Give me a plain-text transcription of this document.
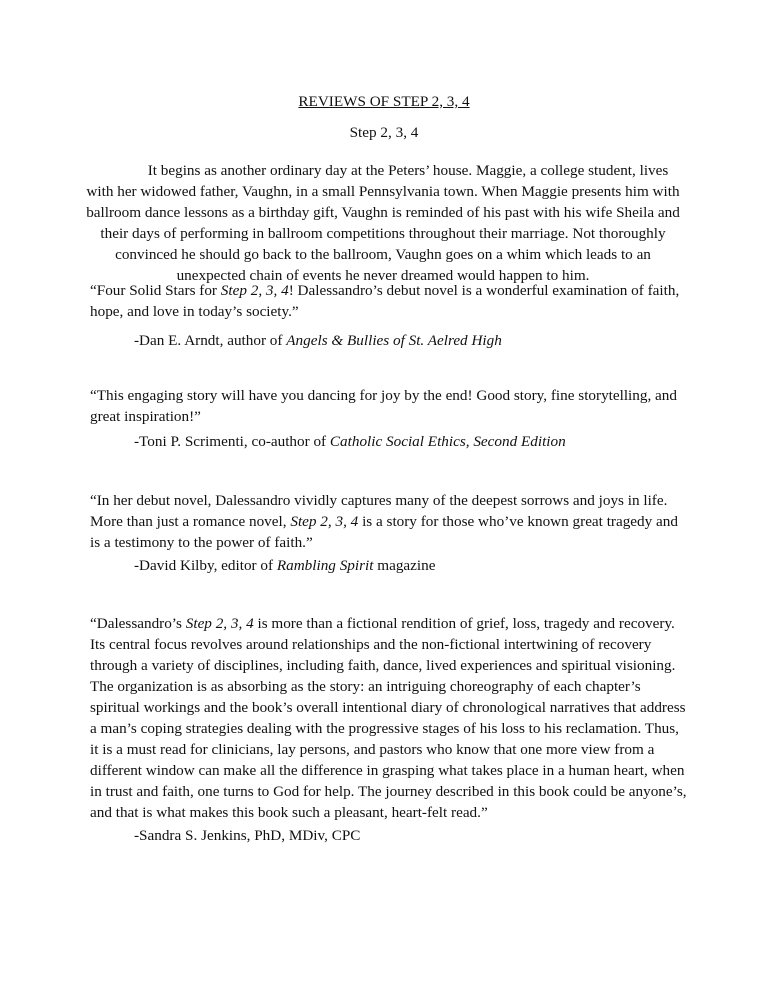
REVIEWS OF STEP 2, 3, 4
Step 2, 3, 4

It begins as another ordinary day at the Peters’ house. Maggie, a college student, lives with her widowed father, Vaughn, in a small Pennsylvania town. When Maggie presents him with ballroom dance lessons as a birthday gift, Vaughn is reminded of his past with his wife Sheila and their days of performing in ballroom competitions throughout their marriage. Not thoroughly convinced he should go back to the ballroom, Vaughn goes on a whim which leads to an unexpected chain of events he never dreamed would happen to him.

“Four Solid Stars for Step 2, 3, 4! Dalessandro’s debut novel is a wonderful examination of faith, hope, and love in today’s society.”

-Dan E. Arndt, author of Angels & Bullies of St. Aelred High

“This engaging story will have you dancing for joy by the end! Good story, fine storytelling, and great inspiration!”

-Toni P. Scrimenti, co-author of Catholic Social Ethics, Second Edition

“In her debut novel, Dalessandro vividly captures many of the deepest sorrows and joys in life. More than just a romance novel, Step 2, 3, 4 is a story for those who’ve known great tragedy and is a testimony to the power of faith.”

-David Kilby, editor of Rambling Spirit magazine

“Dalessandro’s Step 2, 3, 4 is more than a fictional rendition of grief, loss, tragedy and recovery. Its central focus revolves around relationships and the non-fictional intertwining of recovery through a variety of disciplines, including faith, dance, lived experiences and spiritual visioning. The organization is as absorbing as the story: an intriguing choreography of each chapter’s spiritual workings and the book’s overall intentional diary of chronological narratives that address a man’s coping strategies dealing with the progressive stages of his loss to his reclamation. Thus, it is a must read for clinicians, lay persons, and pastors who know that one more view from a different window can make all the difference in grasping what takes place in a human heart, when in trust and faith, one turns to God for help. The journey described in this book could be anyone’s, and that is what makes this book such a pleasant, heart-felt read.”

-Sandra S. Jenkins, PhD, MDiv, CPC
